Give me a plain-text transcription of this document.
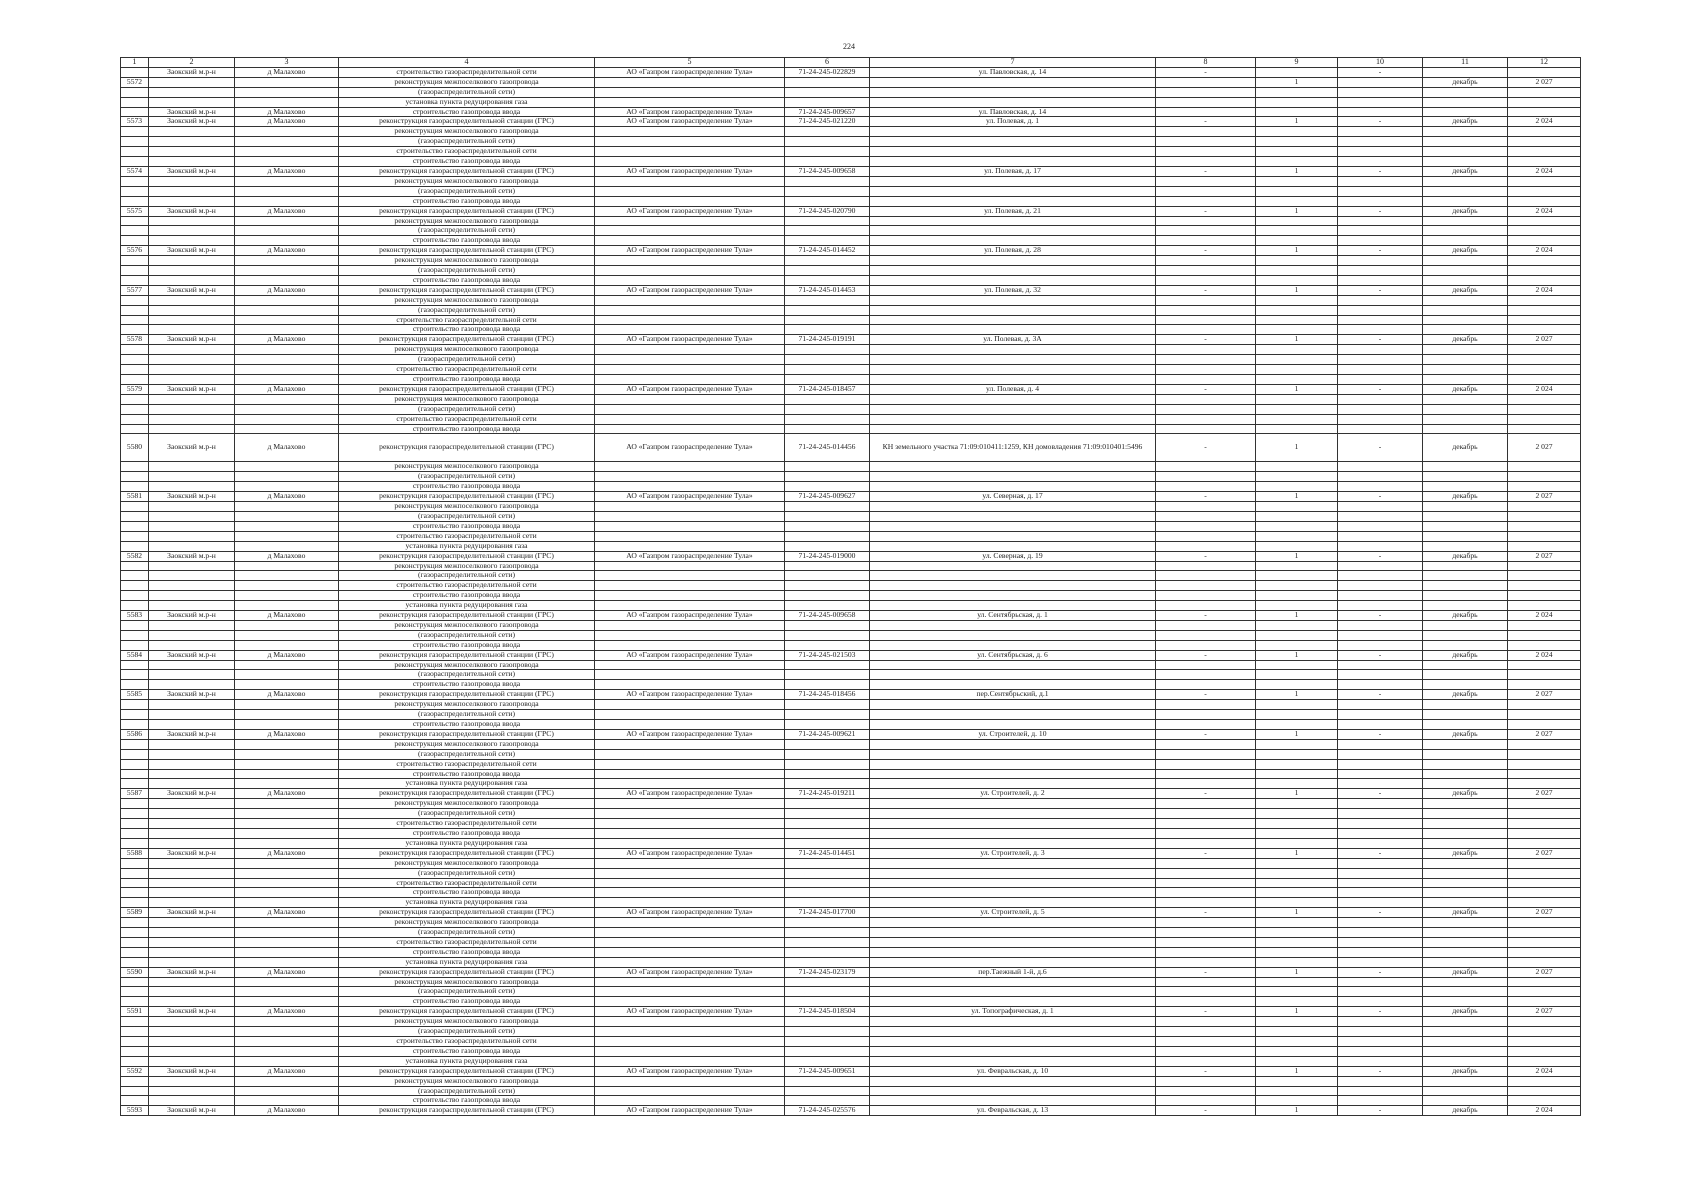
224
1	2	3	4	5	6	7	8	9	10	11	12
	Заокский м.р-н	д Малахово	строительство газораспределительной сети	АО «Газпром газораспределение Тула»	71-24-245-022829	ул. Павловская, д. 14	-		-		
5572			реконструкция межпоселкового газопровода					1		декабрь	2 027
			(газораспределительной сети)								
			установка пункта редуцирования газа								
	Заокский м.р-н	д Малахово	строительство газопровода ввода	АО «Газпром газораспределение Тула»	71-24-245-009657	ул. Павловская, д. 14					
5573	Заокский м.р-н	д Малахово	реконструкция газораспределительной станции (ГРС)	АО «Газпром газораспределение Тула»	71-24-245-021220	ул. Полевая, д. 1	-	1	-	декабрь	2 024
			реконструкция межпоселкового газопровода								
			(газораспределительной сети)								
			строительство газораспределительной сети								
			строительство газопровода ввода								
5574	Заокский м.р-н	д Малахово	реконструкция газораспределительной станции (ГРС)	АО «Газпром газораспределение Тула»	71-24-245-009658	ул. Полевая, д. 17	-	1	-	декабрь	2 024
			реконструкция межпоселкового газопровода								
			(газораспределительной сети)								
			строительство газопровода ввода								
5575	Заокский м.р-н	д Малахово	реконструкция газораспределительной станции (ГРС)	АО «Газпром газораспределение Тула»	71-24-245-020790	ул. Полевая, д. 21	-	1	-	декабрь	2 024
			реконструкция межпоселкового газопровода								
			(газораспределительной сети)								
			строительство газопровода ввода								
5576	Заокский м.р-н	д Малахово	реконструкция газораспределительной станции (ГРС)	АО «Газпром газораспределение Тула»	71-24-245-014452	ул. Полевая, д. 28	-	1	-	декабрь	2 024
			реконструкция межпоселкового газопровода								
			(газораспределительной сети)								
			строительство газопровода ввода								
5577	Заокский м.р-н	д Малахово	реконструкция газораспределительной станции (ГРС)	АО «Газпром газораспределение Тула»	71-24-245-014453	ул. Полевая, д. 32	-	1	-	декабрь	2 024
			реконструкция межпоселкового газопровода								
			(газораспределительной сети)								
			строительство газораспределительной сети								
			строительство газопровода ввода								
5578	Заокский м.р-н	д Малахово	реконструкция газораспределительной станции (ГРС)	АО «Газпром газораспределение Тула»	71-24-245-019191	ул. Полевая, д. 3А	-	1	-	декабрь	2 027
			реконструкция межпоселкового газопровода								
			(газораспределительной сети)								
			строительство газораспределительной сети								
			строительство газопровода ввода								
5579	Заокский м.р-н	д Малахово	реконструкция газораспределительной станции (ГРС)	АО «Газпром газораспределение Тула»	71-24-245-018457	ул. Полевая, д. 4	-	1	-	декабрь	2 024
			реконструкция межпоселкового газопровода								
			(газораспределительной сети)								
			строительство газораспределительной сети								
			строительство газопровода ввода								
5580	Заокский м.р-н	д Малахово	реконструкция газораспределительной станции (ГРС)	АО «Газпром газораспределение Тула»	71-24-245-014456	КН земельного участка 71:09:010411:1259, КН домовладения 71:09:010401:5496	-	1	-	декабрь	2 027
			реконструкция межпоселкового газопровода								
			(газораспределительной сети)								
			строительство газопровода ввода								
5581	Заокский м.р-н	д Малахово	реконструкция газораспределительной станции (ГРС)	АО «Газпром газораспределение Тула»	71-24-245-009627	ул. Северная, д. 17	-	1	-	декабрь	2 027
			реконструкция межпоселкового газопровода								
			(газораспределительной сети)								
			строительство газопровода ввода								
			строительство газораспределительной сети								
			установка пункта редуцирования газа								
5582	Заокский м.р-н	д Малахово	реконструкция газораспределительной станции (ГРС)	АО «Газпром газораспределение Тула»	71-24-245-019000	ул. Северная, д. 19	-	1	-	декабрь	2 027
			реконструкция межпоселкового газопровода								
			(газораспределительной сети)								
			строительство газораспределительной сети								
			строительство газопровода ввода								
			установка пункта редуцирования газа								
5583	Заокский м.р-н	д Малахово	реконструкция газораспределительной станции (ГРС)	АО «Газпром газораспределение Тула»	71-24-245-009658	ул. Сентябрьская, д. 1	-	1	-	декабрь	2 024
			реконструкция межпоселкового газопровода								
			(газораспределительной сети)								
			строительство газопровода ввода								
5584	Заокский м.р-н	д Малахово	реконструкция газораспределительной станции (ГРС)	АО «Газпром газораспределение Тула»	71-24-245-021503	ул. Сентябрьская, д. 6	-	1	-	декабрь	2 024
			реконструкция межпоселкового газопровода								
			(газораспределительной сети)								
			строительство газопровода ввода								
5585	Заокский м.р-н	д Малахово	реконструкция газораспределительной станции (ГРС)	АО «Газпром газораспределение Тула»	71-24-245-018456	пер.Сентябрьский, д.1	-	1	-	декабрь	2 027
			реконструкция межпоселкового газопровода								
			(газораспределительной сети)								
			строительство газопровода ввода								
5586	Заокский м.р-н	д Малахово	реконструкция газораспределительной станции (ГРС)	АО «Газпром газораспределение Тула»	71-24-245-009621	ул. Строителей, д. 10	-	1	-	декабрь	2 027
			реконструкция межпоселкового газопровода								
			(газораспределительной сети)								
			строительство газораспределительной сети								
			строительство газопровода ввода								
			установка пункта редуцирования газа								
5587	Заокский м.р-н	д Малахово	реконструкция газораспределительной станции (ГРС)	АО «Газпром газораспределение Тула»	71-24-245-019211	ул. Строителей, д. 2	-	1	-	декабрь	2 027
			реконструкция межпоселкового газопровода								
			(газораспределительной сети)								
			строительство газораспределительной сети								
			строительство газопровода ввода								
			установка пункта редуцирования газа								
5588	Заокский м.р-н	д Малахово	реконструкция газораспределительной станции (ГРС)	АО «Газпром газораспределение Тула»	71-24-245-014451	ул. Строителей, д. 3	-	1	-	декабрь	2 027
			реконструкция межпоселкового газопровода								
			(газораспределительной сети)								
			строительство газораспределительной сети								
			строительство газопровода ввода								
			установка пункта редуцирования газа								
5589	Заокский м.р-н	д Малахово	реконструкция газораспределительной станции (ГРС)	АО «Газпром газораспределение Тула»	71-24-245-017700	ул. Строителей, д. 5	-	1	-	декабрь	2 027
			реконструкция межпоселкового газопровода								
			(газораспределительной сети)								
			строительство газораспределительной сети								
			строительство газопровода ввода								
			установка пункта редуцирования газа								
5590	Заокский м.р-н	д Малахово	реконструкция газораспределительной станции (ГРС)	АО «Газпром газораспределение Тула»	71-24-245-023179	пер.Таежный 1-й, д.6	-	1	-	декабрь	2 027
			реконструкция межпоселкового газопровода								
			(газораспределительной сети)								
			строительство газопровода ввода								
5591	Заокский м.р-н	д Малахово	реконструкция газораспределительной станции (ГРС)	АО «Газпром газораспределение Тула»	71-24-245-018504	ул. Топографическая, д. 1	-	1	-	декабрь	2 027
			реконструкция межпоселкового газопровода								
			(газораспределительной сети)								
			строительство газораспределительной сети								
			строительство газопровода ввода								
			установка пункта редуцирования газа								
5592	Заокский м.р-н	д Малахово	реконструкция газораспределительной станции (ГРС)	АО «Газпром газораспределение Тула»	71-24-245-009651	ул. Февральская, д. 10	-	1	-	декабрь	2 024
			реконструкция межпоселкового газопровода								
			(газораспределительной сети)								
			строительство газопровода ввода								
5593	Заокский м.р-н	д Малахово	реконструкция газораспределительной станции (ГРС)	АО «Газпром газораспределение Тула»	71-24-245-025576	ул. Февральская, д. 13	-	1	-	декабрь	2 024
